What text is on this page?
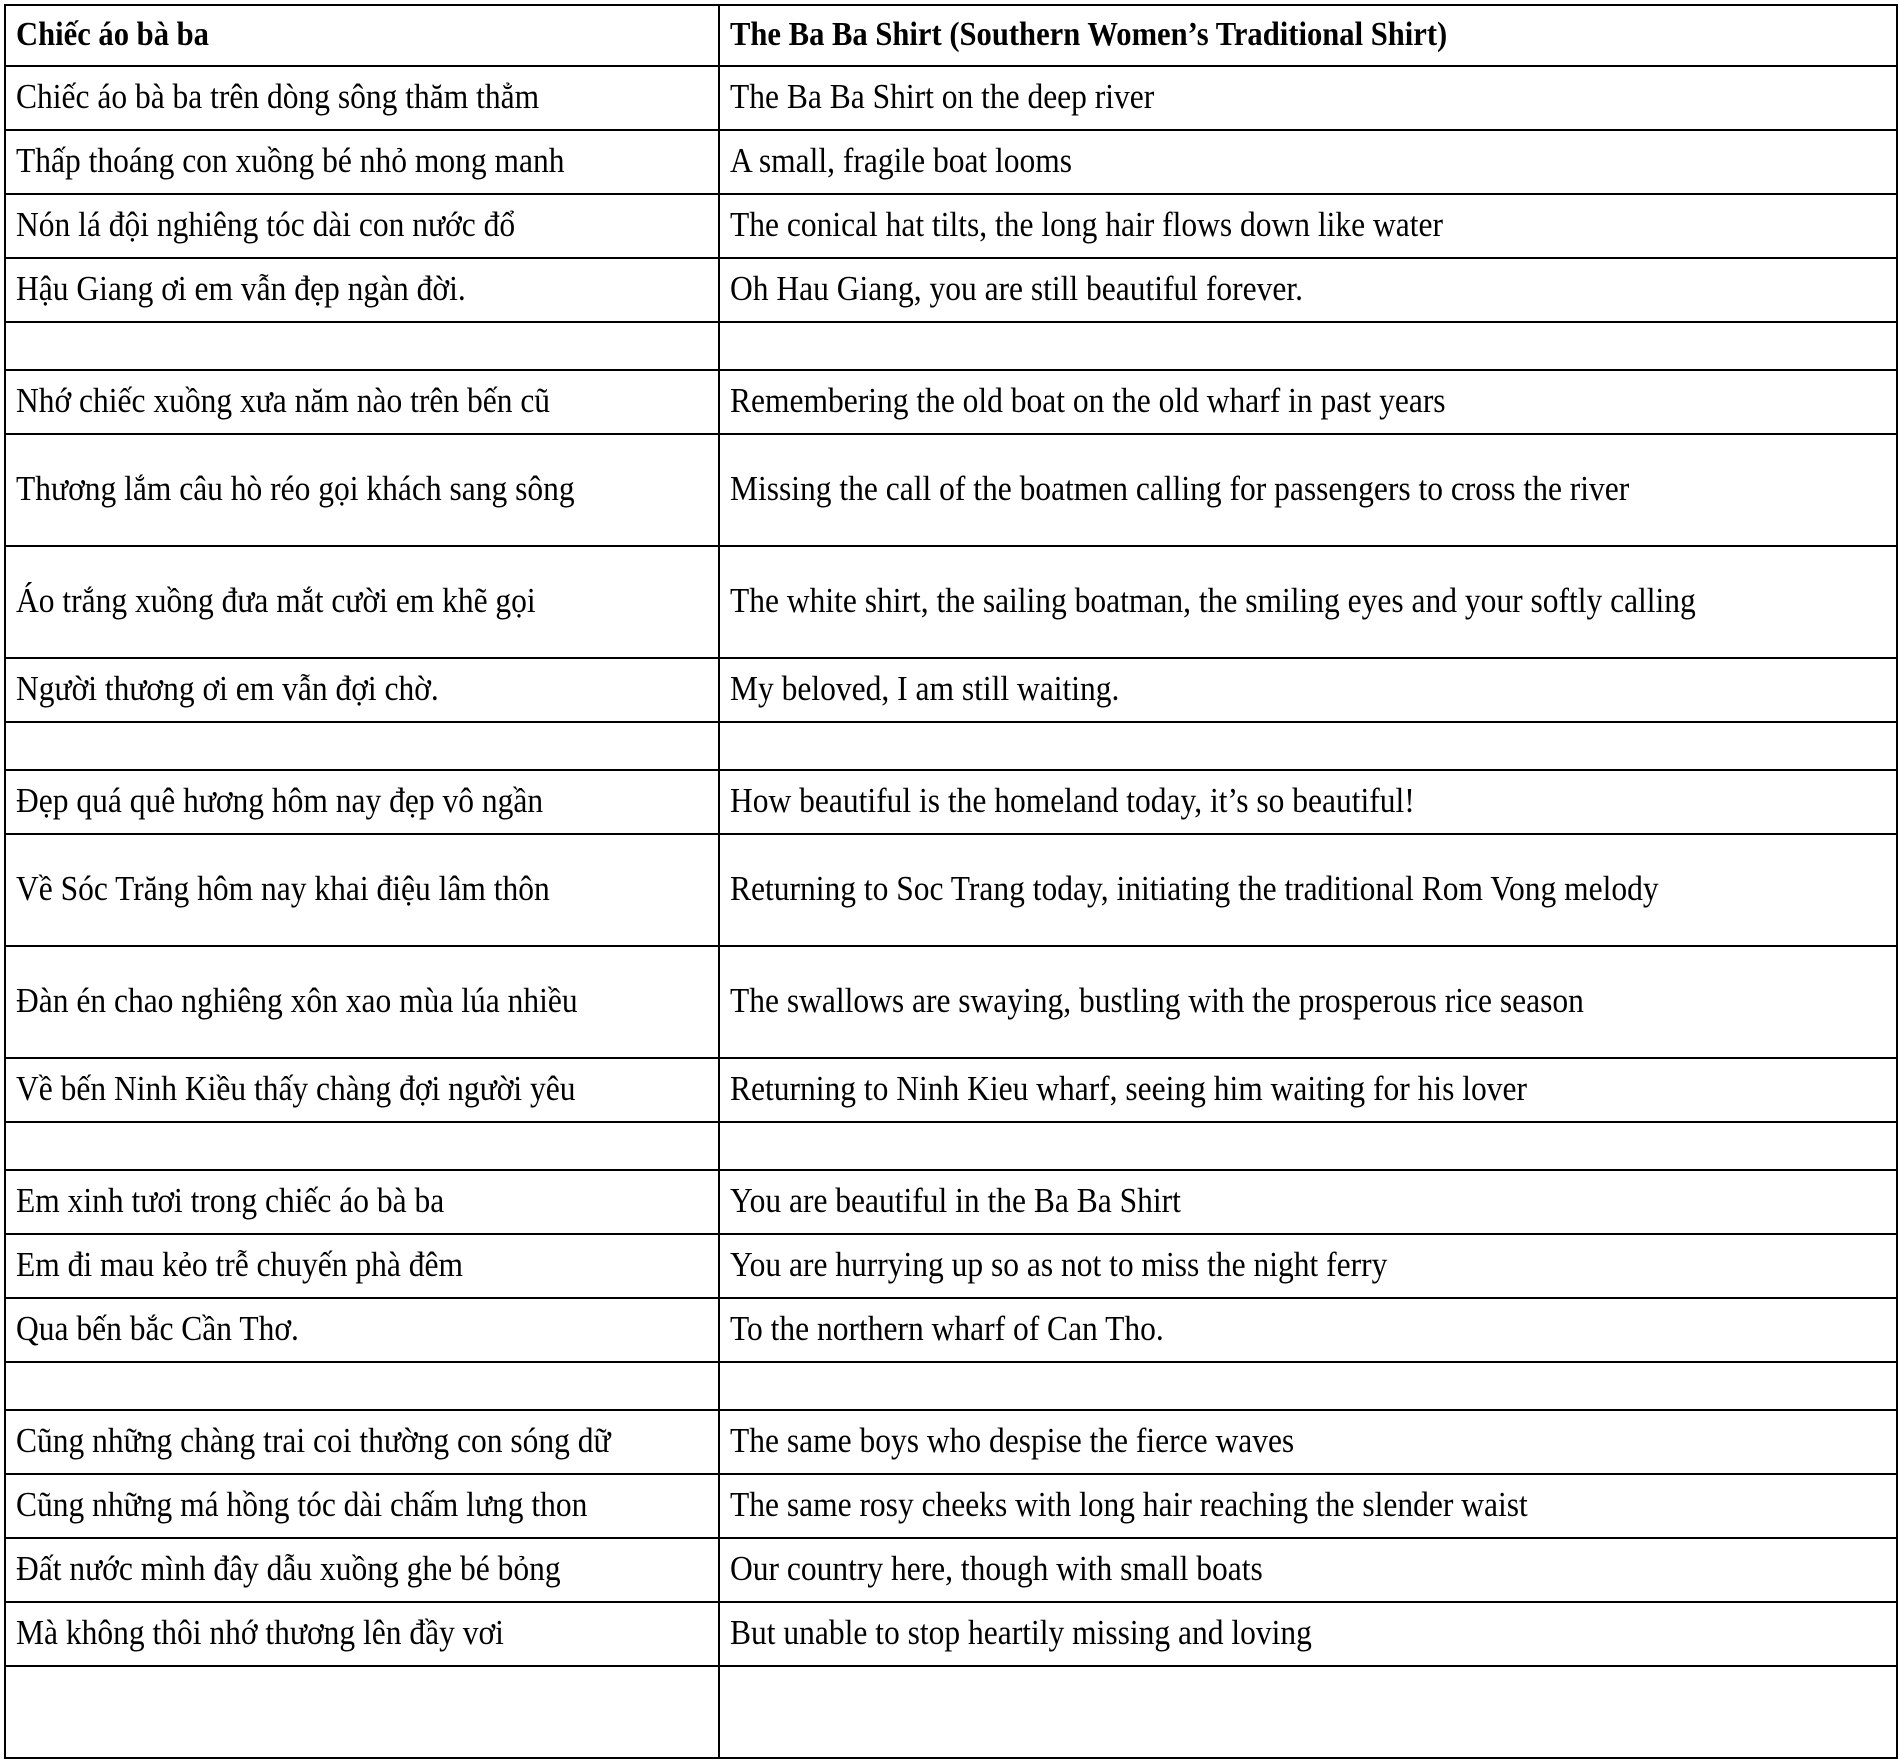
Chiếc áo bà ba	The Ba Ba Shirt (Southern Women’s Traditional Shirt)

Chiếc áo bà ba trên dòng sông thăm thẳm	The Ba Ba Shirt on the deep river

Thấp thoáng con xuồng bé nhỏ mong manh	A small, fragile boat looms

Nón lá đội nghiêng tóc dài con nước đổ	The conical hat tilts, the long hair flows down like water

Hậu Giang ơi em vẫn đẹp ngàn đời.	Oh Hau Giang, you are still beautiful forever.

Nhớ chiếc xuồng xưa năm nào trên bến cũ	Remembering the old boat on the old wharf in past years

Thương lắm câu hò réo gọi khách sang sông	Missing the call of the boatmen calling for passengers to cross the river

Áo trắng xuồng đưa mắt cười em khẽ gọi	The white shirt, the sailing boatman, the smiling eyes and your softly calling

Người thương ơi em vẫn đợi chờ.	My beloved, I am still waiting.

Đẹp quá quê hương hôm nay đẹp vô ngần	How beautiful is the homeland today, it’s so beautiful!

Về Sóc Trăng hôm nay khai điệu lâm thôn	Returning to Soc Trang today, initiating the traditional Rom Vong melody

Đàn én chao nghiêng xôn xao mùa lúa nhiều	The swallows are swaying, bustling with the prosperous rice season

Về bến Ninh Kiều thấy chàng đợi người yêu	Returning to Ninh Kieu wharf, seeing him waiting for his lover

Em xinh tươi trong chiếc áo bà ba	You are beautiful in the Ba Ba Shirt

Em đi mau kẻo trễ chuyến phà đêm	You are hurrying up so as not to miss the night ferry

Qua bến bắc Cần Thơ.	To the northern wharf of Can Tho.

Cũng những chàng trai coi thường con sóng dữ	The same boys who despise the fierce waves

Cũng những má hồng tóc dài chấm lưng thon	The same rosy cheeks with long hair reaching the slender waist

Đất nước mình đây dẫu xuồng ghe bé bỏng	Our country here, though with small boats

Mà không thôi nhớ thương lên đầy vơi	But unable to stop heartily missing and loving
